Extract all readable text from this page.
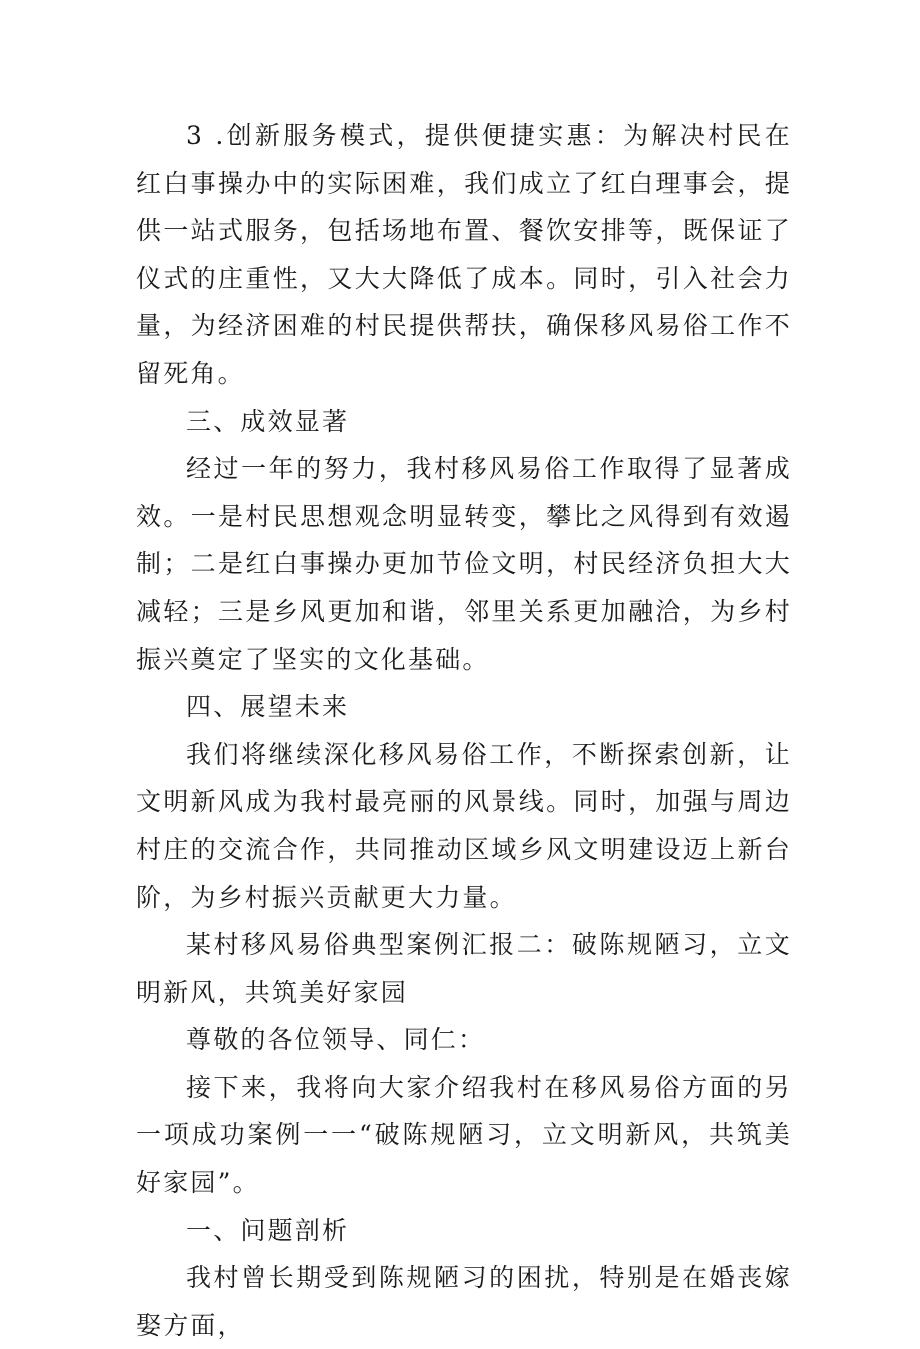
3 .创新服务模式，提供便捷实惠：为解决村民在红白事操办中的实际困难，我们成立了红白理事会，提供一站式服务，包括场地布置、餐饮安排等，既保证了仪式的庄重性，又大大降低了成本。同时，引入社会力量，为经济困难的村民提供帮扶，确保移风易俗工作不留死角。

三、成效显著

经过一年的努力，我村移风易俗工作取得了显著成效。一是村民思想观念明显转变，攀比之风得到有效遏制；二是红白事操办更加节俭文明，村民经济负担大大减轻；三是乡风更加和谐，邻里关系更加融洽，为乡村振兴奠定了坚实的文化基础。

四、展望未来

我们将继续深化移风易俗工作，不断探索创新，让文明新风成为我村最亮丽的风景线。同时，加强与周边村庄的交流合作，共同推动区域乡风文明建设迈上新台阶，为乡村振兴贡献更大力量。

某村移风易俗典型案例汇报二：破陈规陋习，立文明新风，共筑美好家园

尊敬的各位领导、同仁：

接下来，我将向大家介绍我村在移风易俗方面的另一项成功案例一一“破陈规陋习，立文明新风，共筑美好家园”。

一、问题剖析

我村曾长期受到陈规陋习的困扰，特别是在婚丧嫁娶方面，
